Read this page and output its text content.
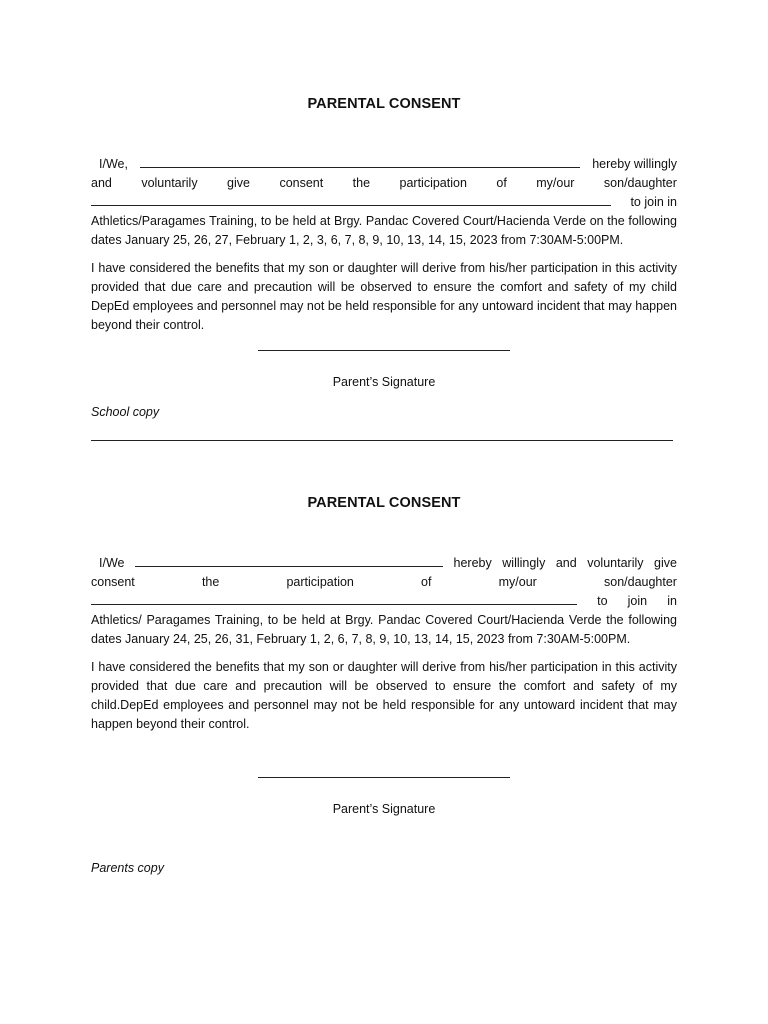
PARENTAL CONSENT
I/We,	hereby willingly
and voluntarily give consent the participation of my/our son/daughter
to join in

Athletics/Paragames Training, to be held at Brgy. Pandac Covered Court/Hacienda Verde on the following dates January 25, 26, 27, February 1, 2, 3, 6, 7, 8, 9, 10, 13, 14, 15, 2023 from 7:30AM-5:00PM.

I have considered the benefits that my son or daughter will derive from his/her participation in this activity provided that due care and precaution will be observed to ensure the comfort and safety of my child DepEd employees and personnel may not be held responsible for any untoward incident that may happen beyond their control.

Parent’s Signature
School copy
PARENTAL CONSENT
I/We	hereby willingly and voluntarily give
consent	the	participation	of	my/our	son/daughter
to join in

Athletics/ Paragames Training, to be held at Brgy. Pandac Covered Court/Hacienda Verde the following dates January 24, 25, 26, 31, February 1, 2, 6, 7, 8, 9, 10, 13, 14, 15, 2023 from 7:30AM-5:00PM.

I have considered the benefits that my son or daughter will derive from his/her participation in this activity provided that due care and precaution will be observed to ensure the comfort and safety of my child.DepEd employees and personnel may not be held responsible for any untoward incident that may happen beyond their control.

Parent’s Signature
Parents copy
